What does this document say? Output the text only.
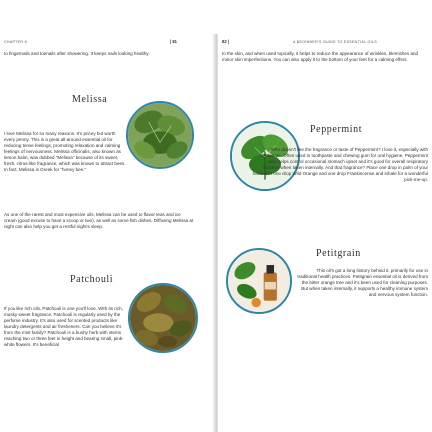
CHAPTER 8	| 81

to fingernails and toenails after showering. It keeps nails looking healthy.

Melissa

I love Melissa for so many reasons. It's pricey but worth every penny. This is a great all-around essential oil for reducing tense feelings, promoting relaxation and calming feelings of nervousness. Melissa officinalis, also known as lemon balm, was dubbed "Melissa" because of its sweet, fresh, citrus-like fragrance, which was known to attract bees. In fact, Melissa is Greek for "honey bee."

As one of the rarest and most expensive oils, Melissa can be used to flavor teas and ice cream (good excuse to have a scoop or two), as well as some fish dishes. Diffusing Melissa at night can also help you get a restful night's sleep.

Patchouli

If you like rich oils, Patchouli is one you'll love. With its rich, musky-sweet fragrance, Patchouli is regularly used by the perfume industry. It's also used for scented products like laundry detergents and air fresheners. Can you believe it's from the mint family? Patchouli is a bushy herb with stems reaching two or three feet in height and bearing small, pink-white flowers. It's beneficial

82 |	A BEGINNER'S GUIDE TO ESSENTIAL OILS

to the skin, and when used topically, it helps to reduce the appearance of wrinkles, blemishes and minor skin imperfections. You can also apply it to the bottom of your feet for a calming effect.

Peppermint

Who doesn't like the fragrance or taste of Peppermint? I love it, especially with chocolate. Often used in toothpaste and chewing gum for oral hygiene, Peppermint also helps control occasional stomach upset and it's good for overall respiratory function when taken internally. And that fragrance? Place one drop in palm of your hand with one drop Wild Orange and one drop Frankincense and inhale for a wonderful pick-me-up.

Petitgrain

This oil's got a long history behind it, primarily for use in traditional health practices. Petitgrain essential oil is derived from the bitter orange tree and it's been used for cleaning purposes. But when taken internally, it supports a healthy immune system and nervous system function.
